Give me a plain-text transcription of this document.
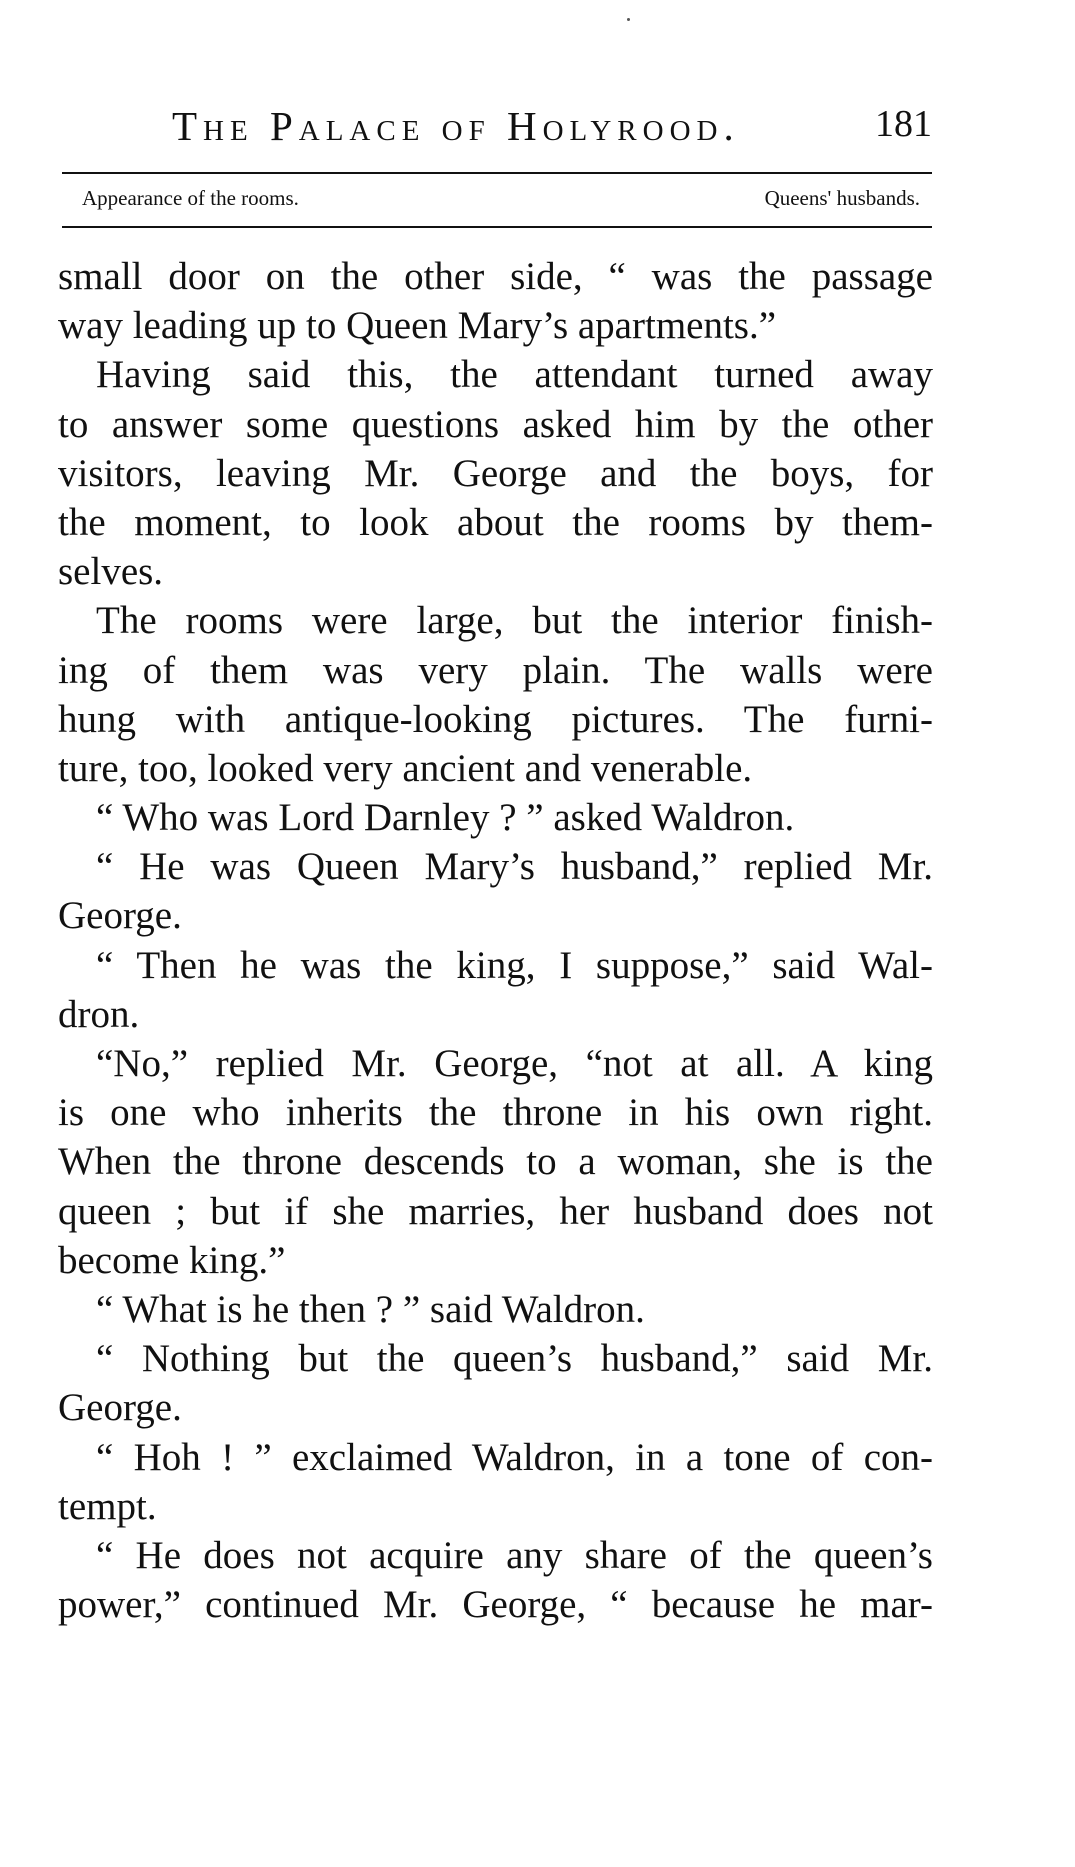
The Palace of Holyrood.	181
Appearance of the rooms.	Queens' husbands.
small door on the other side, “ was the passage
way leading up to Queen Mary’s apartments.”
Having said this, the attendant turned away
to answer some questions asked him by the other
visitors, leaving Mr. George and the boys, for
the moment, to look about the rooms by them-
selves.
The rooms were large, but the interior finish-
ing of them was very plain. The walls were
hung with antique-looking pictures. The furni-
ture, too, looked very ancient and venerable.
“ Who was Lord Darnley ? ” asked Waldron.
“ He was Queen Mary’s husband,” replied Mr.
George.
“ Then he was the king, I suppose,” said Wal-
dron.
“No,” replied Mr. George, “not at all. A king
is one who inherits the throne in his own right.
When the throne descends to a woman, she is the
queen ; but if she marries, her husband does not
become king.”
“ What is he then ? ” said Waldron.
“ Nothing but the queen’s husband,” said Mr.
George.
“ Hoh ! ” exclaimed Waldron, in a tone of con-
tempt.
“ He does not acquire any share of the queen’s
power,” continued Mr. George, “ because he mar-
